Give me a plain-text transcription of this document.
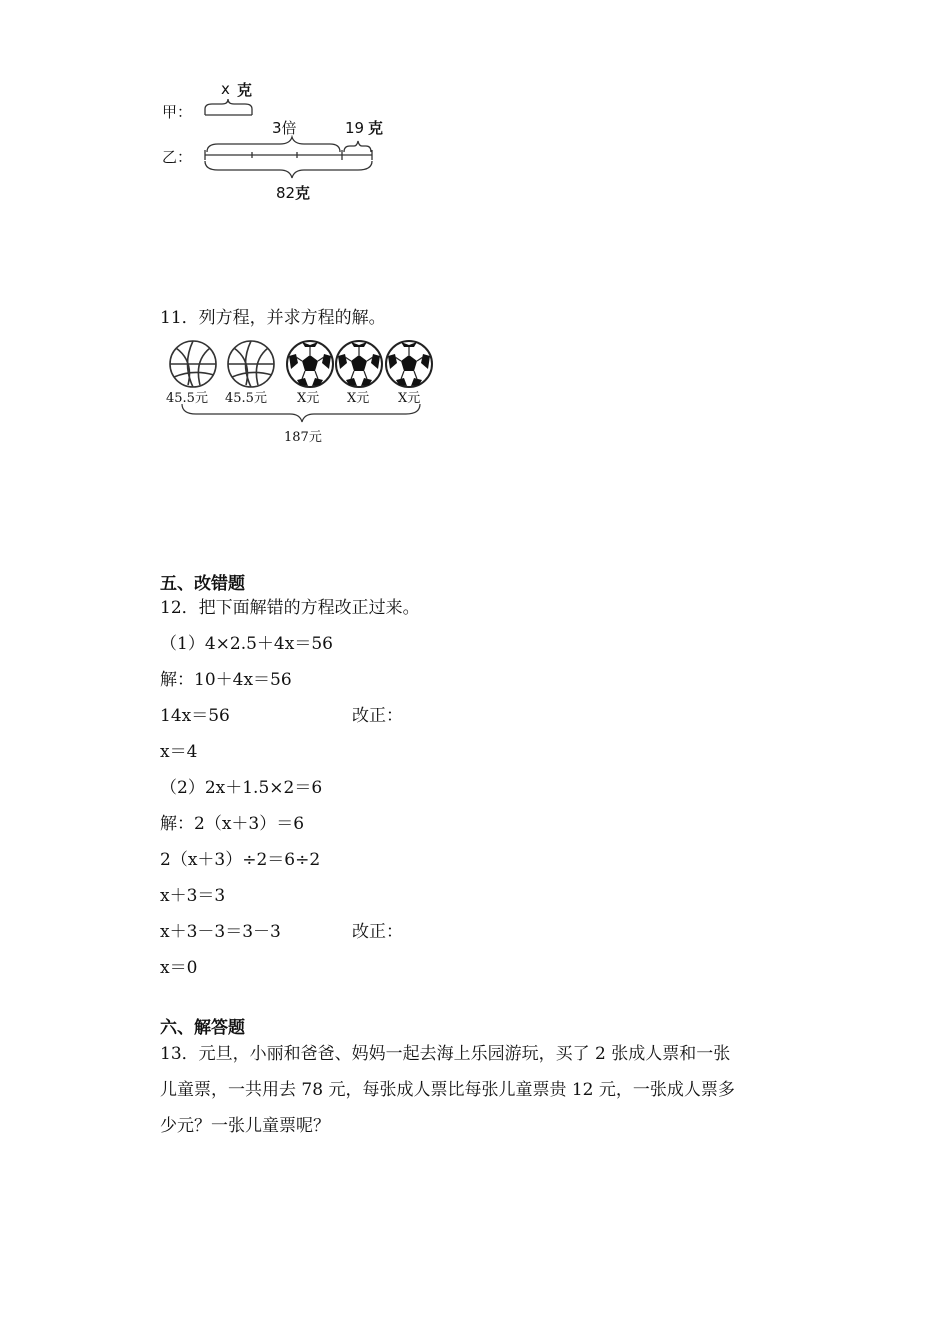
甲：
乙：
x 克
3倍	19 克
82 克
11．列方程，并求方程的解。
45.5元 45.5元 X元 X元 X元
187元
五、改错题
12．把下面解错的方程改正过来。
（1）4×2.5＋4x＝56
解：10＋4x＝56
14x＝56	改正：
x＝4
（2）2x＋1.5×2＝6
解：2（x＋3）＝6
2（x＋3）÷2＝6÷2
x＋3＝3
x＋3－3＝3－3	改正：
x＝0
六、解答题
13．元旦，小丽和爸爸、妈妈一起去海上乐园游玩，买了 2 张成人票和一张
儿童票，一共用去 78 元，每张成人票比每张儿童票贵 12 元，一张成人票多
少元？一张儿童票呢？
